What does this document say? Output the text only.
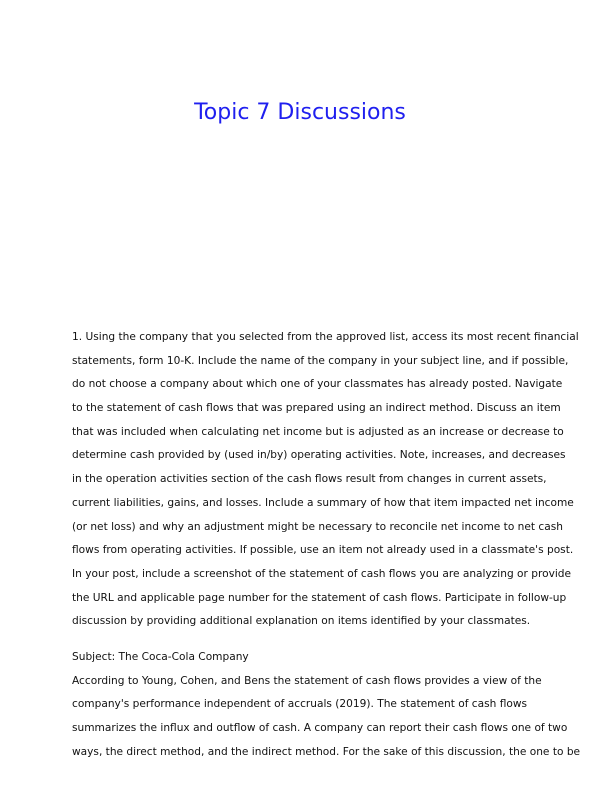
Topic 7 Discussions
1. Using the company that you selected from the approved list, access its most recent financial
statements, form 10-K. Include the name of the company in your subject line, and if possible,
do not choose a company about which one of your classmates has already posted. Navigate
to the statement of cash flows that was prepared using an indirect method. Discuss an item
that was included when calculating net income but is adjusted as an increase or decrease to
determine cash provided by (used in/by) operating activities. Note, increases, and decreases
in the operation activities section of the cash flows result from changes in current assets,
current liabilities, gains, and losses. Include a summary of how that item impacted net income
(or net loss) and why an adjustment might be necessary to reconcile net income to net cash
flows from operating activities. If possible, use an item not already used in a classmate's post.
In your post, include a screenshot of the statement of cash flows you are analyzing or provide
the URL and applicable page number for the statement of cash flows. Participate in follow-up
discussion by providing additional explanation on items identified by your classmates.
Subject: The Coca-Cola Company
According to Young, Cohen, and Bens the statement of cash flows provides a view of the
company's performance independent of accruals (2019). The statement of cash flows
summarizes the influx and outflow of cash. A company can report their cash flows one of two
ways, the direct method, and the indirect method. For the sake of this discussion, the one to be
